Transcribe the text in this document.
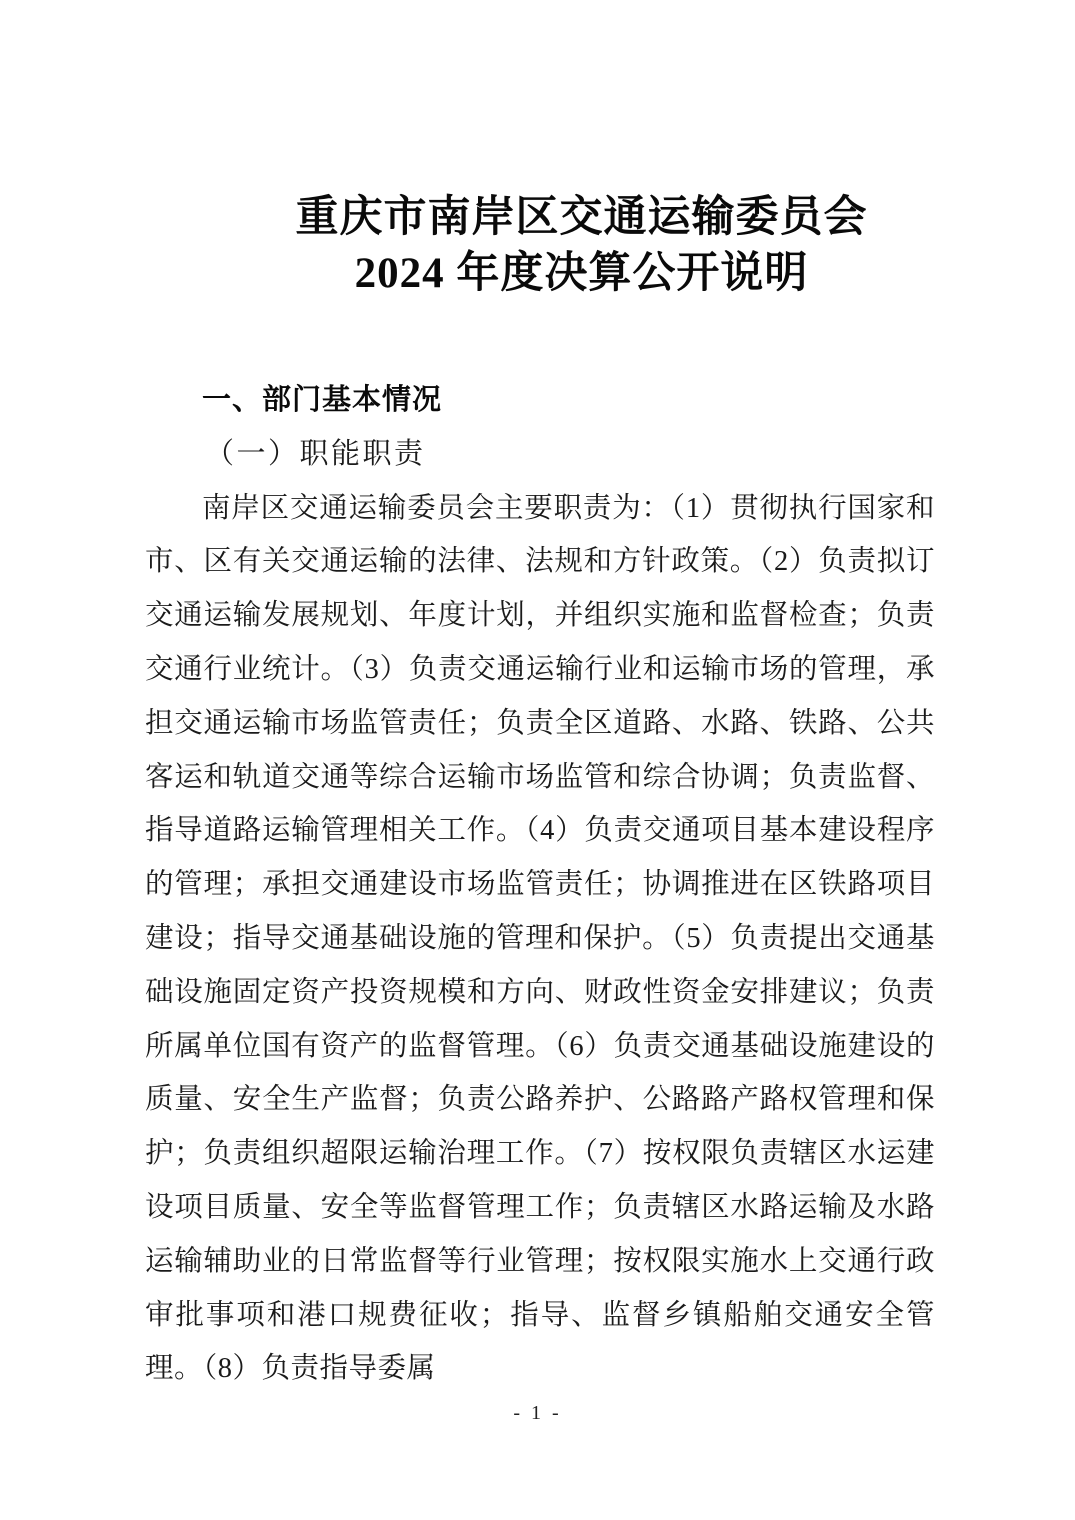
重庆市南岸区交通运输委员会
2024 年度决算公开说明
一、部门基本情况
（一）职能职责

南岸区交通运输委员会主要职责为：（1）贯彻执行国家和市、区有关交通运输的法律、法规和方针政策。（2）负责拟订交通运输发展规划、年度计划，并组织实施和监督检查；负责交通行业统计。（3）负责交通运输行业和运输市场的管理，承担交通运输市场监管责任；负责全区道路、水路、铁路、公共客运和轨道交通等综合运输市场监管和综合协调；负责监督、指导道路运输管理相关工作。（4）负责交通项目基本建设程序的管理；承担交通建设市场监管责任；协调推进在区铁路项目建设；指导交通基础设施的管理和保护。（5）负责提出交通基础设施固定资产投资规模和方向、财政性资金安排建议；负责所属单位国有资产的监督管理。（6）负责交通基础设施建设的质量、安全生产监督；负责公路养护、公路路产路权管理和保护；负责组织超限运输治理工作。（7）按权限负责辖区水运建设项目质量、安全等监督管理工作；负责辖区水路运输及水路运输辅助业的日常监督等行业管理；按权限实施水上交通行政审批事项和港口规费征收；指导、监督乡镇船舶交通安全管理。（8）负责指导委属

- 1 -
